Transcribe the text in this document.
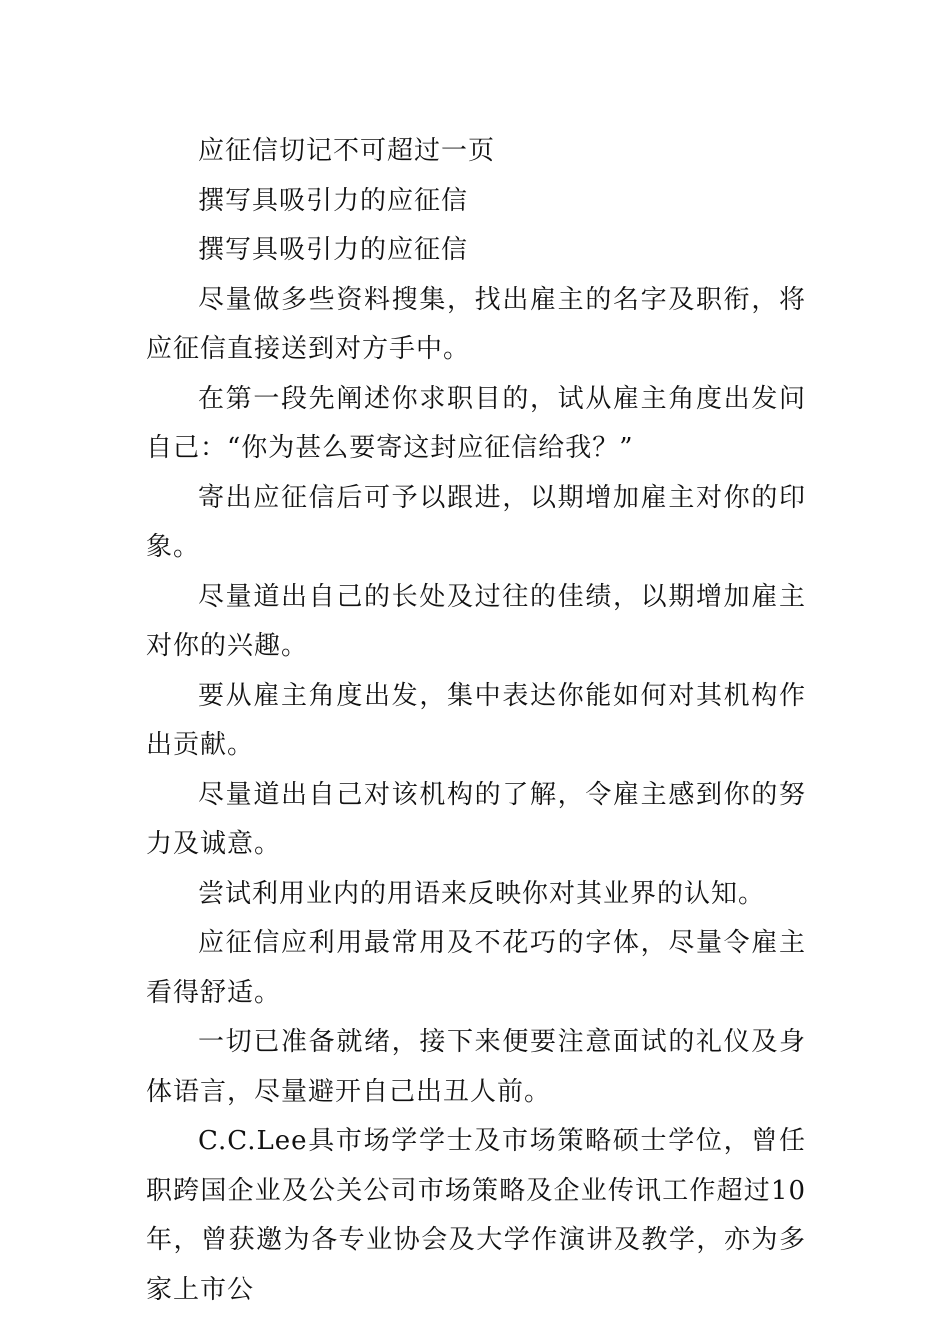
应征信切记不可超过一页

撰写具吸引力的应征信

撰写具吸引力的应征信

尽量做多些资料搜集，找出雇主的名字及职衔，将应征信直接送到对方手中。

在第一段先阐述你求职目的，试从雇主角度出发问自己：“你为甚么要寄这封应征信给我？”

寄出应征信后可予以跟进，以期增加雇主对你的印象。

尽量道出自己的长处及过往的佳绩，以期增加雇主对你的兴趣。

要从雇主角度出发，集中表达你能如何对其机构作出贡献。

尽量道出自己对该机构的了解，令雇主感到你的努力及诚意。

尝试利用业内的用语来反映你对其业界的认知。

应征信应利用最常用及不花巧的字体，尽量令雇主看得舒适。

一切已准备就绪，接下来便要注意面试的礼仪及身体语言，尽量避开自己出丑人前。

C.C.Lee具市场学学士及市场策略硕士学位，曾任职跨国企业及公关公司市场策略及企业传讯工作超过10年，曾获邀为各专业协会及大学作演讲及教学，亦为多家上市公
